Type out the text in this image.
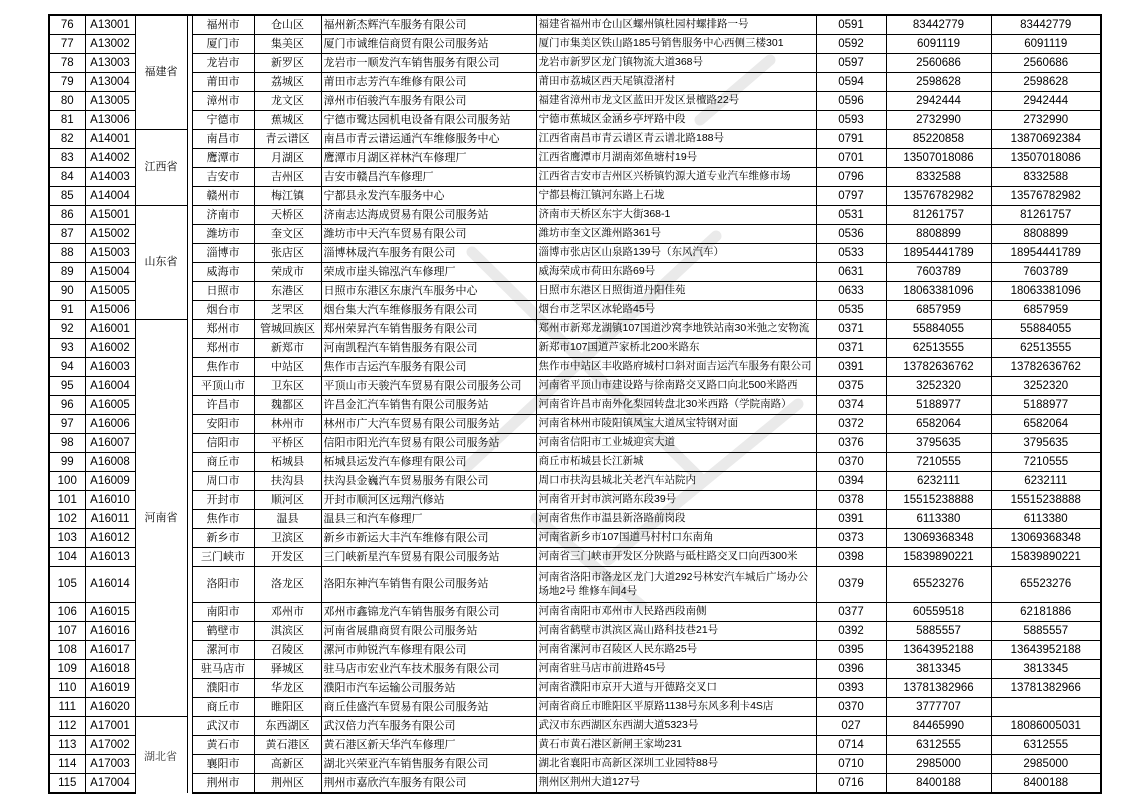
76	A13001	福建省		福州市	仓山区	福州新杰辉汽车服务有限公司	福建省福州市仓山区螺州镇杜园村螺排路一号	0591	83442779	83442779
77	A13002			厦门市	集美区	厦门市诚维信商贸有限公司服务站	厦门市集美区铁山路185号销售服务中心西侧三楼301	0592	6091119	6091119
78	A13003			龙岩市	新罗区	龙岩市一顺发汽车销售服务有限公司	龙岩市新罗区龙门镇物流大道368号	0597	2560686	2560686
79	A13004			莆田市	荔城区	莆田市志芳汽车维修有限公司	莆田市荔城区西天尾镇澄渚村	0594	2598628	2598628
80	A13005			漳州市	龙文区	漳州市佰骏汽车服务有限公司	福建省漳州市龙文区蓝田开发区景檀路22号	0596	2942444	2942444
81	A13006			宁德市	蕉城区	宁德市鹭达园机电设备有限公司服务站	宁德市蕉城区金涵乡亭坪路中段	0593	2732990	2732990
82	A14001	江西省		南昌市	青云谱区	南昌市青云谱运通汽车维修服务中心	江西省南昌市青云谱区青云谱北路188号	0791	85220858	13870692384
83	A14002			鹰潭市	月湖区	鹰潭市月湖区祥林汽车修理厂	江西省鹰潭市月湖南郊鱼塘村19号	0701	13507018086	13507018086
84	A14003			吉安市	吉州区	吉安市赣昌汽车修理厂	江西省吉安市吉州区兴桥镇钓源大道专业汽车维修市场	0796	8332588	8332588
85	A14004			赣州市	梅江镇	宁都县永发汽车服务中心	宁都县梅江镇河东路上石垅	0797	13576782982	13576782982
86	A15001	山东省		济南市	天桥区	济南志达海成贸易有限公司服务站	济南市天桥区东宇大街368-1	0531	81261757	81261757
87	A15002			潍坊市	奎文区	潍坊市中天汽车贸易有限公司	潍坊市奎文区潍州路361号	0536	8808899	8808899
88	A15003			淄博市	张店区	淄博林晟汽车服务有限公司	淄博市张店区山泉路139号（东风汽车）	0533	18954441789	18954441789
89	A15004			威海市	荣成市	荣成市崖头锦泓汽车修理厂	威海荣成市荷田东路69号	0631	7603789	7603789
90	A15005			日照市	东港区	日照市东港区东康汽车服务中心	日照市东港区日照街道丹阳佳苑	0633	18063381096	18063381096
91	A15006			烟台市	芝罘区	烟台集大汽车维修服务有限公司	烟台市芝罘区冰轮路45号	0535	6857959	6857959
92	A16001	河南省		郑州市	管城回族区	郑州荣昇汽车销售服务有限公司	郑州市新郑龙湖镇107国道沙窝李地铁站南30米弛之安物流	0371	55884055	55884055
93	A16002			郑州市	新郑市	河南凯程汽车销售服务有限公司	新郑市107国道芦家桥北200米路东	0371	62513555	62513555
94	A16003			焦作市	中站区	焦作市吉运汽车服务有限公司	焦作市中站区丰收路府城村口斜对面吉运汽车服务有限公司	0391	13782636762	13782636762
95	A16004			平顶山市	卫东区	平顶山市天骏汽车贸易有限公司服务公司	河南省平顶山市建设路与徐南路交叉路口向北500米路西	0375	3252320	3252320
96	A16005			许昌市	魏都区	许昌金汇汽车销售有限公司服务站	河南省许昌市南外化梨园转盘北30米西路（学院南路）	0374	5188977	5188977
97	A16006			安阳市	林州市	林州市广大汽车贸易有限公司服务站	河南省林州市陵阳镇凤宝大道凤宝特钢对面	0372	6582064	6582064
98	A16007			信阳市	平桥区	信阳市阳光汽车贸易有限公司服务站	河南省信阳市工业城迎宾大道	0376	3795635	3795635
99	A16008			商丘市	柘城县	柘城县运发汽车修理有限公司	商丘市柘城县长江新城	0370	7210555	7210555
100	A16009			周口市	扶沟县	扶沟县金巍汽车贸易服务有限公司	周口市扶沟县城北关老汽车站院内	0394	6232111	6232111
101	A16010			开封市	顺河区	开封市顺河区远翔汽修站	河南省开封市滨河路东段39号	0378	15515238888	15515238888
102	A16011			焦作市	温县	温县三和汽车修理厂	河南省焦作市温县新洛路前岗段	0391	6113380	6113380
103	A16012			新乡市	卫滨区	新乡市新运大丰汽车维修有限公司	河南省新乡市107国道马村村口东南角	0373	13069368348	13069368348
104	A16013			三门峡市	开发区	三门峡新星汽车贸易有限公司服务站	河南省三门峡市开发区分陕路与砥柱路交叉口向西300米	0398	15839890221	15839890221
105	A16014			洛阳市	洛龙区	洛阳东神汽车销售有限公司服务站	河南省洛阳市洛龙区龙门大道292号林安汽车城后广场办公场地2号 维修车间4号	0379	65523276	65523276
106	A16015			南阳市	邓州市	邓州市鑫锦龙汽车销售服务有限公司	河南省南阳市邓州市人民路西段南侧	0377	60559518	62181886
107	A16016			鹤壁市	淇滨区	河南省展鼎商贸有限公司服务站	河南省鹤壁市淇滨区嵩山路科技巷21号	0392	5885557	5885557
108	A16017			漯河市	召陵区	漯河市帅锐汽车修理有限公司	河南省漯河市召陵区人民东路25号	0395	13643952188	13643952188
109	A16018			驻马店市	驿城区	驻马店市宏业汽车技术服务有限公司	河南省驻马店市前进路45号	0396	3813345	3813345
110	A16019			濮阳市	华龙区	濮阳市汽车运输公司服务站	河南省濮阳市京开大道与开德路交叉口	0393	13781382966	13781382966
111	A16020			商丘市	睢阳区	商丘佳盛汽车贸易有限公司服务站	河南省商丘市睢阳区平原路1138号东风多利卡4S店	0370	3777707	
112	A17001			武汉市	东西湖区	武汉倍力汽车服务有限公司	武汉市东西湖区东西湖大道5323号	027	84465990	18086005031
113	A17002			黄石市	黄石港区	黄石港区新天华汽车修理厂	黄石市黄石港区新闸王家坳231	0714	6312555	6312555
114	A17003			襄阳市	高新区	湖北兴荣亚汽车销售服务有限公司	湖北省襄阳市高新区深圳工业园特88号	0710	2985000	2985000
115	A17004			荆州市	荆州区	荆州市嘉欣汽车服务有限公司	荆州区荆州大道127号	0716	8400188	8400188
湖北省
